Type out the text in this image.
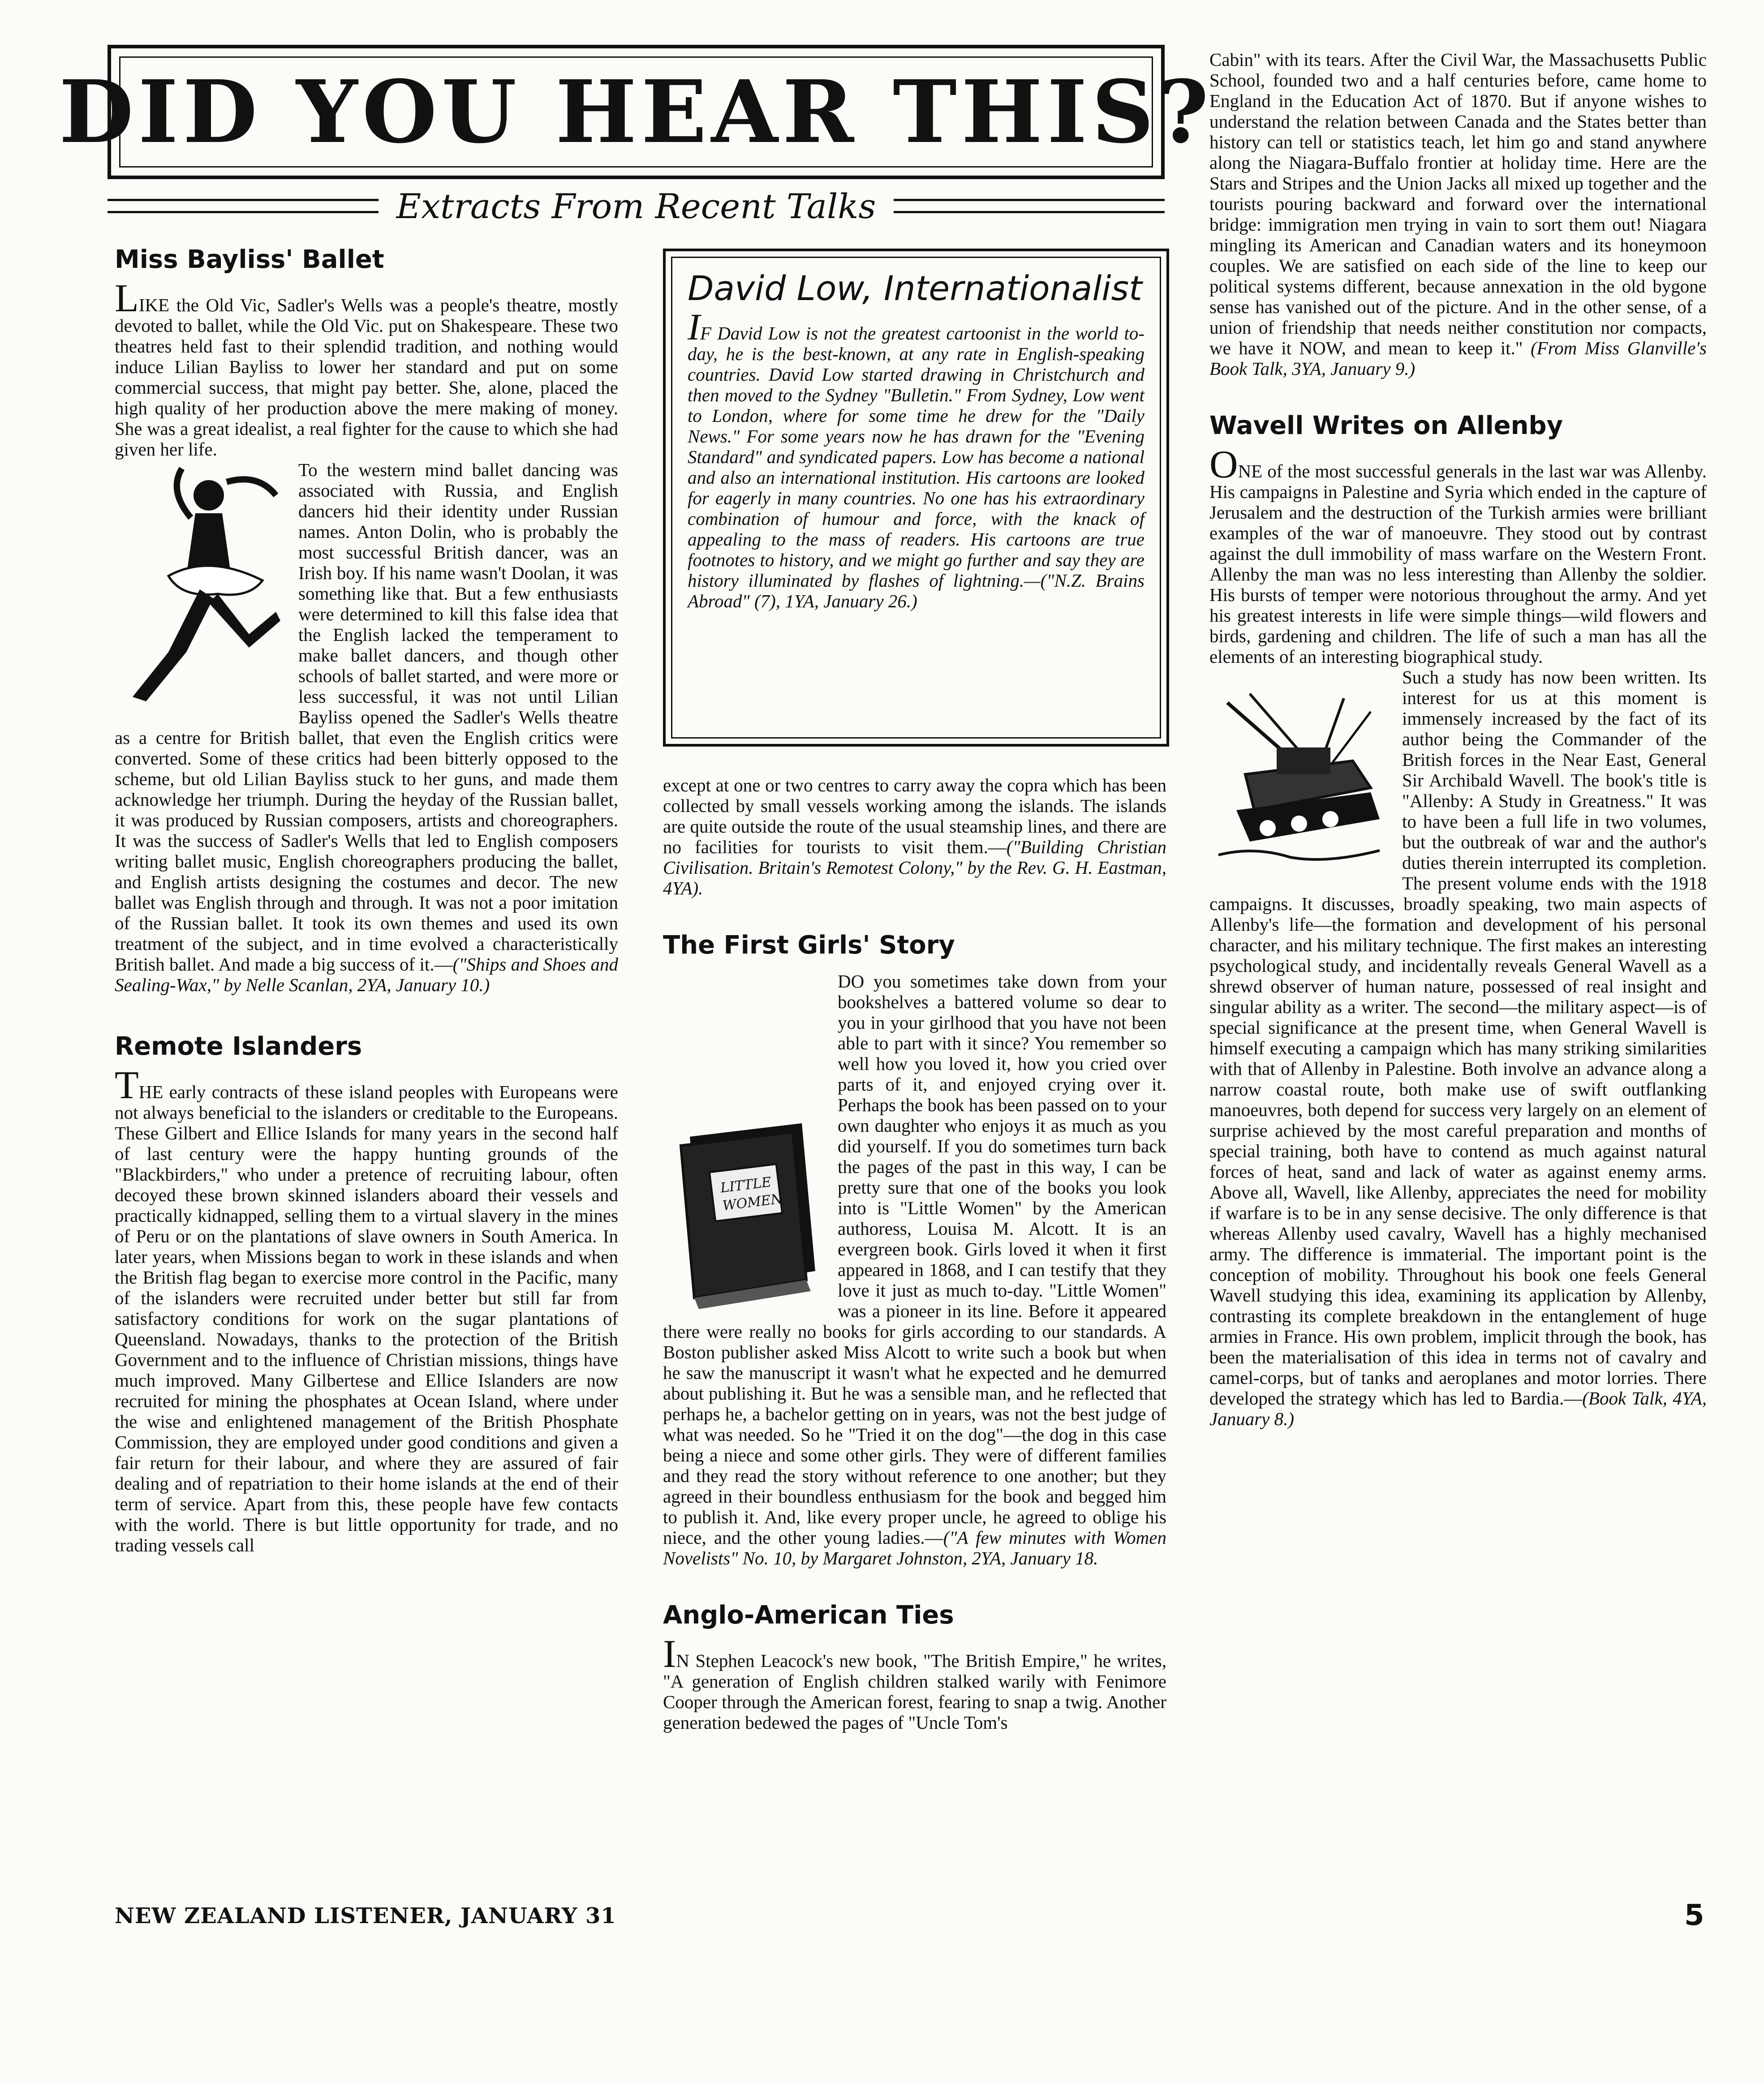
DID YOU HEAR THIS?
Extracts From Recent Talks
Miss Bayliss' Ballet

LIKE the Old Vic, Sadler's Wells was a people's theatre, mostly devoted to ballet, while the Old Vic. put on Shakespeare. These two theatres held fast to their splendid tradition, and nothing would induce Lilian Bayliss to lower her standard and put on some commercial success, that might pay better. She, alone, placed the high quality of her production above the mere making of money. She was a great idealist, a real fighter for the cause to which she had given her life.

To the western mind ballet dancing was associated with Russia, and English dancers hid their identity under Russian names. Anton Dolin, who is probably the most successful British dancer, was an Irish boy. If his name wasn't Doolan, it was something like that. But a few enthusiasts were determined to kill this false idea that the English lacked the temperament to make ballet dancers, and though other schools of ballet started, and were more or less successful, it was not until Lilian Bayliss opened the Sadler's Wells theatre as a centre for British ballet, that even the English critics were converted. Some of these critics had been bitterly opposed to the scheme, but old Lilian Bayliss stuck to her guns, and made them acknowledge her triumph. During the heyday of the Russian ballet, it was produced by Russian composers, artists and choreographers. It was the success of Sadler's Wells that led to English composers writing ballet music, English choreographers producing the ballet, and English artists designing the costumes and decor. The new ballet was English through and through. It was not a poor imitation of the Russian ballet. It took its own themes and used its own treatment of the subject, and in time evolved a characteristically British ballet. And made a big success of it.—("Ships and Shoes and Sealing-Wax," by Nelle Scanlan, 2YA, January 10.)

Remote Islanders

THE early contracts of these island peoples with Europeans were not always beneficial to the islanders or creditable to the Europeans. These Gilbert and Ellice Islands for many years in the second half of last century were the happy hunting grounds of the "Blackbirders," who under a pretence of recruiting labour, often decoyed these brown skinned islanders aboard their vessels and practically kidnapped, selling them to a virtual slavery in the mines of Peru or on the plantations of slave owners in South America. In later years, when Missions began to work in these islands and when the British flag began to exercise more control in the Pacific, many of the islanders were recruited under better but still far from satisfactory conditions for work on the sugar plantations of Queensland. Nowadays, thanks to the protection of the British Government and to the influence of Christian missions, things have much improved. Many Gilbertese and Ellice Islanders are now recruited for mining the phosphates at Ocean Island, where under the wise and enlightened management of the British Phosphate Commission, they are employed under good conditions and given a fair return for their labour, and where they are assured of fair dealing and of repatriation to their home islands at the end of their term of service. Apart from this, these people have few contacts with the world. There is but little opportunity for trade, and no trading vessels call

David Low, Internationalist

IF David Low is not the greatest cartoonist in the world to-day, he is the best-known, at any rate in English-speaking countries. David Low started drawing in Christchurch and then moved to the Sydney "Bulletin." From Sydney, Low went to London, where for some time he drew for the "Daily News." For some years now he has drawn for the "Evening Standard" and syndicated papers. Low has become a national and also an international institution. His cartoons are looked for eagerly in many countries. No one has his extraordinary combination of humour and force, with the knack of appealing to the mass of readers. His cartoons are true footnotes to history, and we might go further and say they are history illuminated by flashes of lightning.—("N.Z. Brains Abroad" (7), 1YA, January 26.)

except at one or two centres to carry away the copra which has been collected by small vessels working among the islands. The islands are quite outside the route of the usual steamship lines, and there are no facilities for tourists to visit them.—("Building Christian Civilisation. Britain's Remotest Colony," by the Rev. G. H. Eastman, 4YA).

The First Girls' Story

LITTLE
WOMEN
DO you sometimes take down from your bookshelves a battered volume so dear to you in your girlhood that you have not been able to part with it since? You remember so well how you loved it, how you cried over parts of it, and enjoyed crying over it. Perhaps the book has been passed on to your own daughter who enjoys it as much as you did yourself. If you do sometimes turn back the pages of the past in this way, I can be pretty sure that one of the books you look into is "Little Women" by the American authoress, Louisa M. Alcott. It is an evergreen book. Girls loved it when it first appeared in 1868, and I can testify that they love it just as much to-day. "Little Women" was a pioneer in its line. Before it appeared there were really no books for girls according to our standards. A Boston publisher asked Miss Alcott to write such a book but when he saw the manuscript it wasn't what he expected and he demurred about publishing it. But he was a sensible man, and he reflected that perhaps he, a bachelor getting on in years, was not the best judge of what was needed. So he "Tried it on the dog"—the dog in this case being a niece and some other girls. They were of different families and they read the story without reference to one another; but they agreed in their boundless enthusiasm for the book and begged him to publish it. And, like every proper uncle, he agreed to oblige his niece, and the other young ladies.—("A few minutes with Women Novelists" No. 10, by Margaret Johnston, 2YA, January 18.

Anglo-American Ties

IN Stephen Leacock's new book, "The British Empire," he writes, "A generation of English children stalked warily with Fenimore Cooper through the American forest, fearing to snap a twig. Another generation bedewed the pages of "Uncle Tom's

Cabin" with its tears. After the Civil War, the Massachusetts Public School, founded two and a half centuries before, came home to England in the Education Act of 1870. But if anyone wishes to understand the relation between Canada and the States better than history can tell or statistics teach, let him go and stand anywhere along the Niagara-Buffalo frontier at holiday time. Here are the Stars and Stripes and the Union Jacks all mixed up together and the tourists pouring backward and forward over the international bridge: immigration men trying in vain to sort them out! Niagara mingling its American and Canadian waters and its honeymoon couples. We are satisfied on each side of the line to keep our political systems different, because annexation in the old bygone sense has vanished out of the picture. And in the other sense, of a union of friendship that needs neither constitution nor compacts, we have it NOW, and mean to keep it." (From Miss Glanville's Book Talk, 3YA, January 9.)

Wavell Writes on Allenby

ONE of the most successful generals in the last war was Allenby. His campaigns in Palestine and Syria which ended in the capture of Jerusalem and the destruction of the Turkish armies were brilliant examples of the war of manoeuvre. They stood out by contrast against the dull immobility of mass warfare on the Western Front. Allenby the man was no less interesting than Allenby the soldier. His bursts of temper were notorious throughout the army. And yet his greatest interests in life were simple things—wild flowers and birds, gardening and children. The life of such a man has all the elements of an interesting biographical study.

Such a study has now been written. Its interest for us at this moment is immensely increased by the fact of its author being the Commander of the British forces in the Near East, General Sir Archibald Wavell. The book's title is "Allenby: A Study in Greatness." It was to have been a full life in two volumes, but the outbreak of war and the author's duties therein interrupted its completion. The present volume ends with the 1918 campaigns. It discusses, broadly speaking, two main aspects of Allenby's life—the formation and development of his personal character, and his military technique. The first makes an interesting psychological study, and incidentally reveals General Wavell as a shrewd observer of human nature, possessed of real insight and singular ability as a writer. The second—the military aspect—is of special significance at the present time, when General Wavell is himself executing a campaign which has many striking similarities with that of Allenby in Palestine. Both involve an advance along a narrow coastal route, both make use of swift outflanking manoeuvres, both depend for success very largely on an element of surprise achieved by the most careful preparation and months of special training, both have to contend as much against natural forces of heat, sand and lack of water as against enemy arms. Above all, Wavell, like Allenby, appreciates the need for mobility if warfare is to be in any sense decisive. The only difference is that whereas Allenby used cavalry, Wavell has a highly mechanised army. The difference is immaterial. The important point is the conception of mobility. Throughout his book one feels General Wavell studying this idea, examining its application by Allenby, contrasting its complete breakdown in the entanglement of huge armies in France. His own problem, implicit through the book, has been the materialisation of this idea in terms not of cavalry and camel-corps, but of tanks and aeroplanes and motor lorries. There developed the strategy which has led to Bardia.—(Book Talk, 4YA, January 8.)

NEW ZEALAND LISTENER, JANUARY 31	5
